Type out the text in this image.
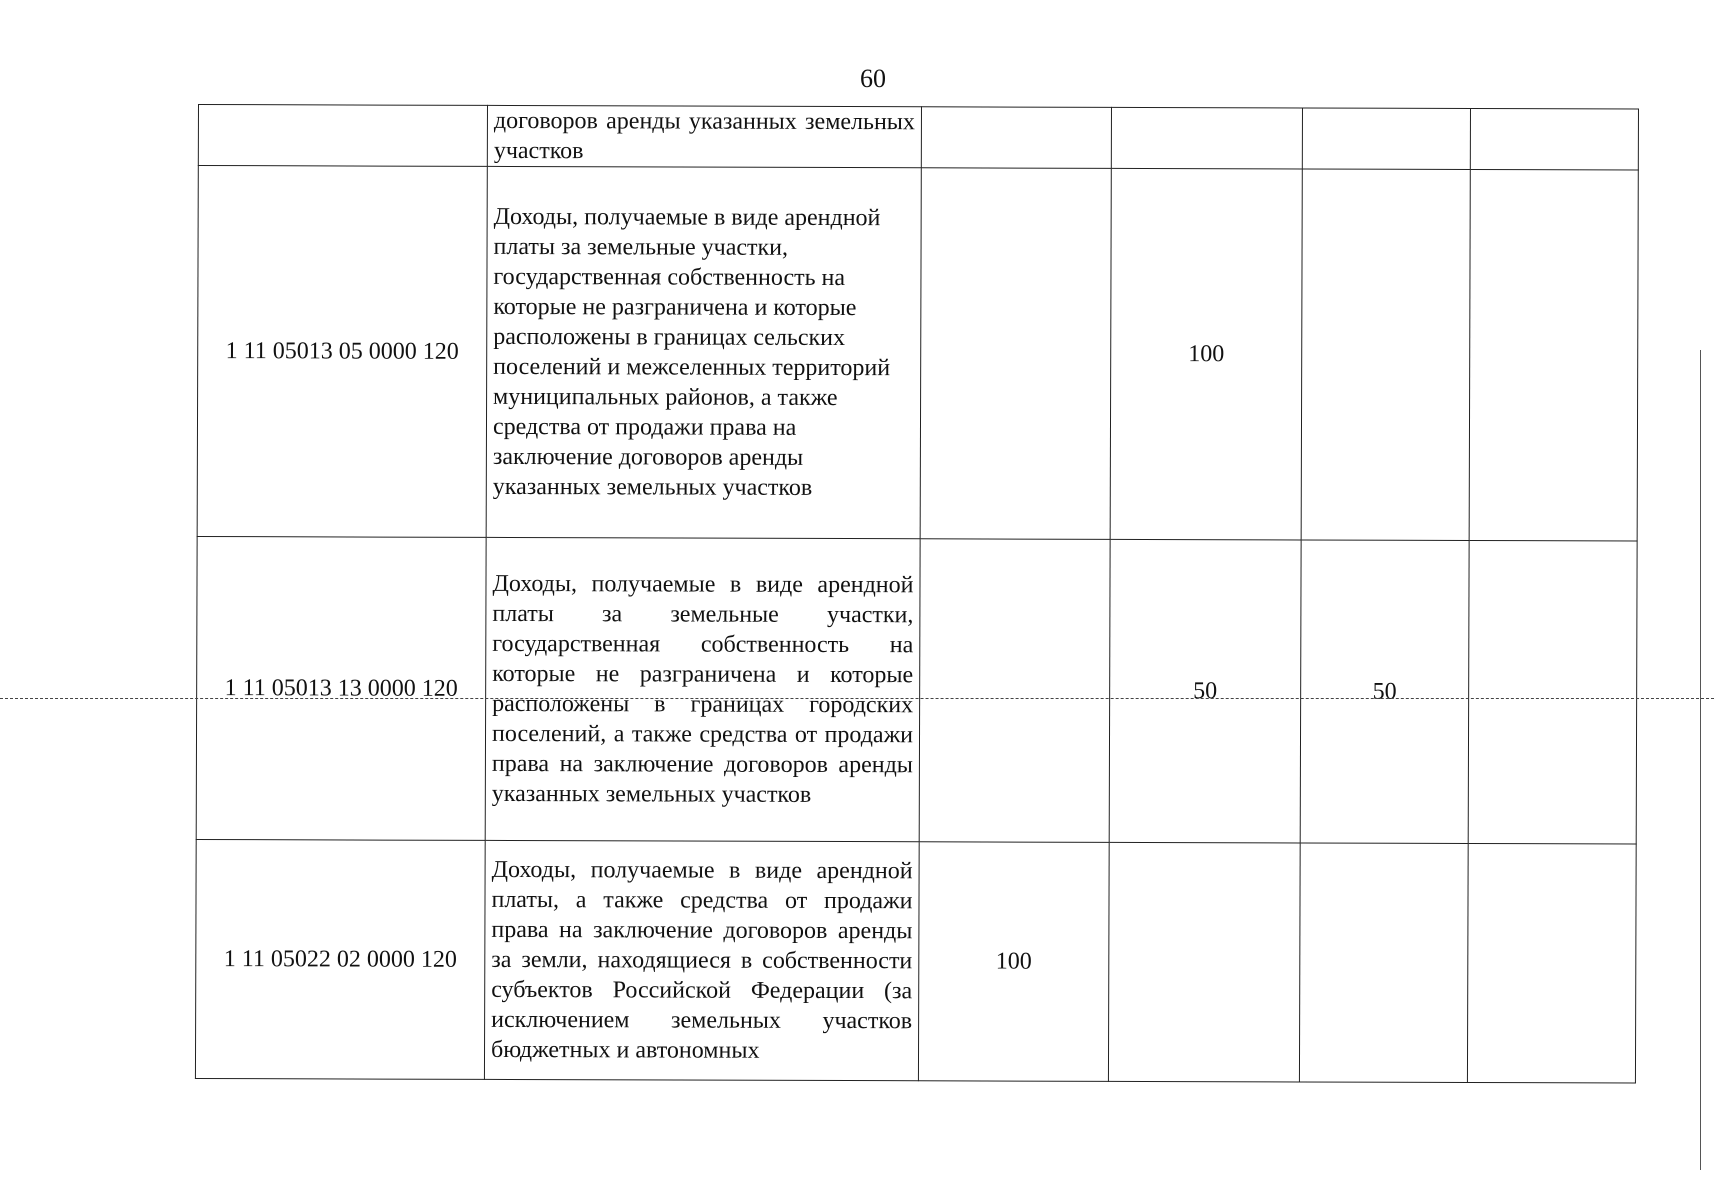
60
	договоров аренды указанных земельных участков				
1 11 05013 05 0000 120	Доходы, получаемые в виде арендной платы за земельные участки, государственная собственность на которые не разграничена и которые расположены в границах сельских поселений и межселенных территорий муниципальных районов, а также средства от продажи права на заключение договоров аренды указанных земельных участков		100		
1 11 05013 13 0000 120	Доходы, получаемые в виде арендной платы за земельные участки, государственная собственность на которые не разграничена и которые расположены в границах городских поселений, а также средства от продажи права на заключение договоров аренды указанных земельных участков		50	50	
1 11 05022 02 0000 120	Доходы, получаемые в виде арендной платы, а также средства от продажи права на заключение договоров аренды за земли, находящиеся в собственности субъектов Российской Федерации (за исключением земельных участков бюджетных и автономных	100			
